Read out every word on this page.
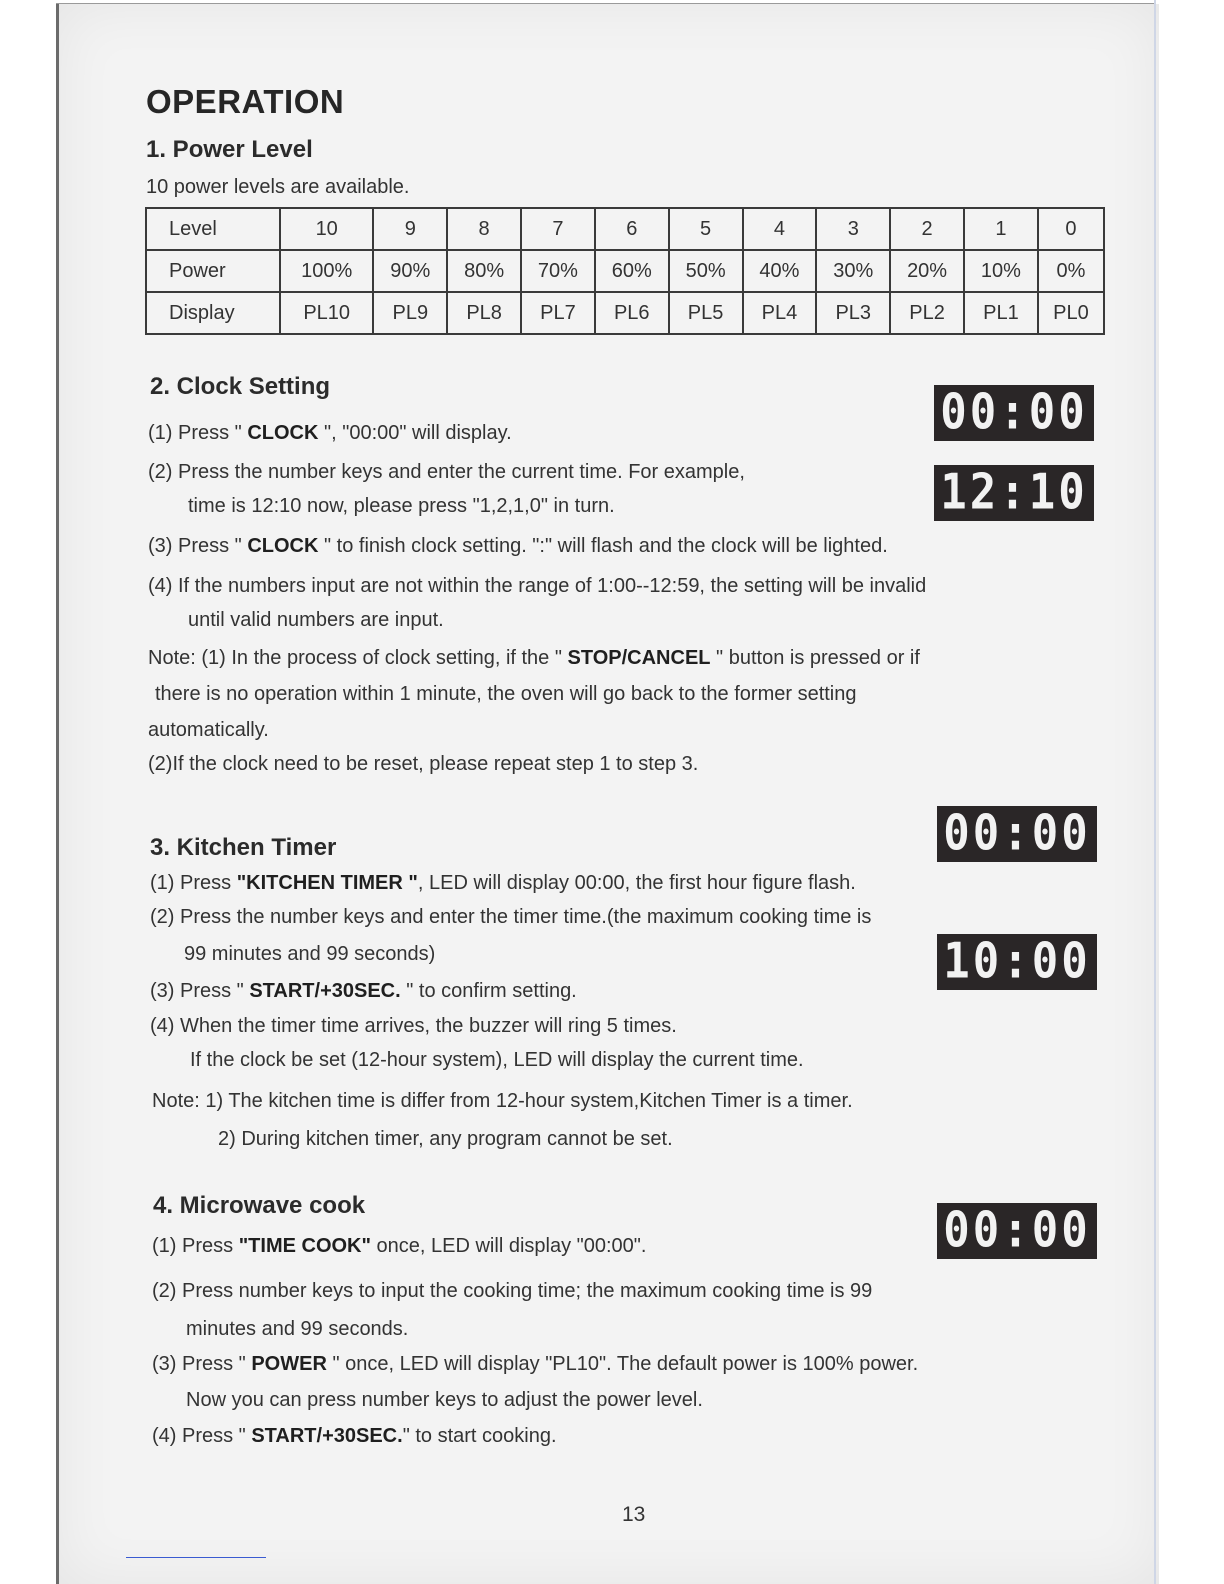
OPERATION
1. Power Level
10 power levels are available.
Level	10	9	8	7	6	5	4	3	2	1	0
Power	100%	90%	80%	70%	60%	50%	40%	30%	20%	10%	0%
Display	PL10	PL9	PL8	PL7	PL6	PL5	PL4	PL3	PL2	PL1	PL0
2. Clock Setting	00:00
12:10
(1) Press " CLOCK ", "00:00" will display.
(2) Press the number keys and enter the current time. For example,
time is 12:10 now, please press "1,2,1,0" in turn.
(3) Press " CLOCK " to finish clock setting. ":" will flash and the clock will be lighted.
(4) If the numbers input are not within the range of 1:00--12:59, the setting will be invalid
until valid numbers are input.
Note: (1) In the process of clock setting, if the " STOP/CANCEL " button is pressed or if
there is no operation within 1 minute, the oven will go back to the former setting
automatically.
(2)If the clock need to be reset, please repeat step 1 to step 3.
3. Kitchen Timer	00:00
10:00
(1) Press "KITCHEN TIMER ", LED will display 00:00, the first hour figure flash.
(2) Press the number keys and enter the timer time.(the maximum cooking time is
99 minutes and 99 seconds)
(3) Press " START/+30SEC. " to confirm setting.
(4) When the timer time arrives, the buzzer will ring 5 times.
If the clock be set (12-hour system), LED will display the current time.
Note: 1) The kitchen time is differ from 12-hour system,Kitchen Timer is a timer.
2) During kitchen timer, any program cannot be set.
4. Microwave cook	00:00
(1) Press "TIME COOK" once, LED will display "00:00".
(2) Press number keys to input the cooking time; the maximum cooking time is 99
minutes and 99 seconds.
(3) Press " POWER " once, LED will display "PL10". The default power is 100% power.
Now you can press number keys to adjust the power level.
(4) Press " START/+30SEC." to start cooking.
13
